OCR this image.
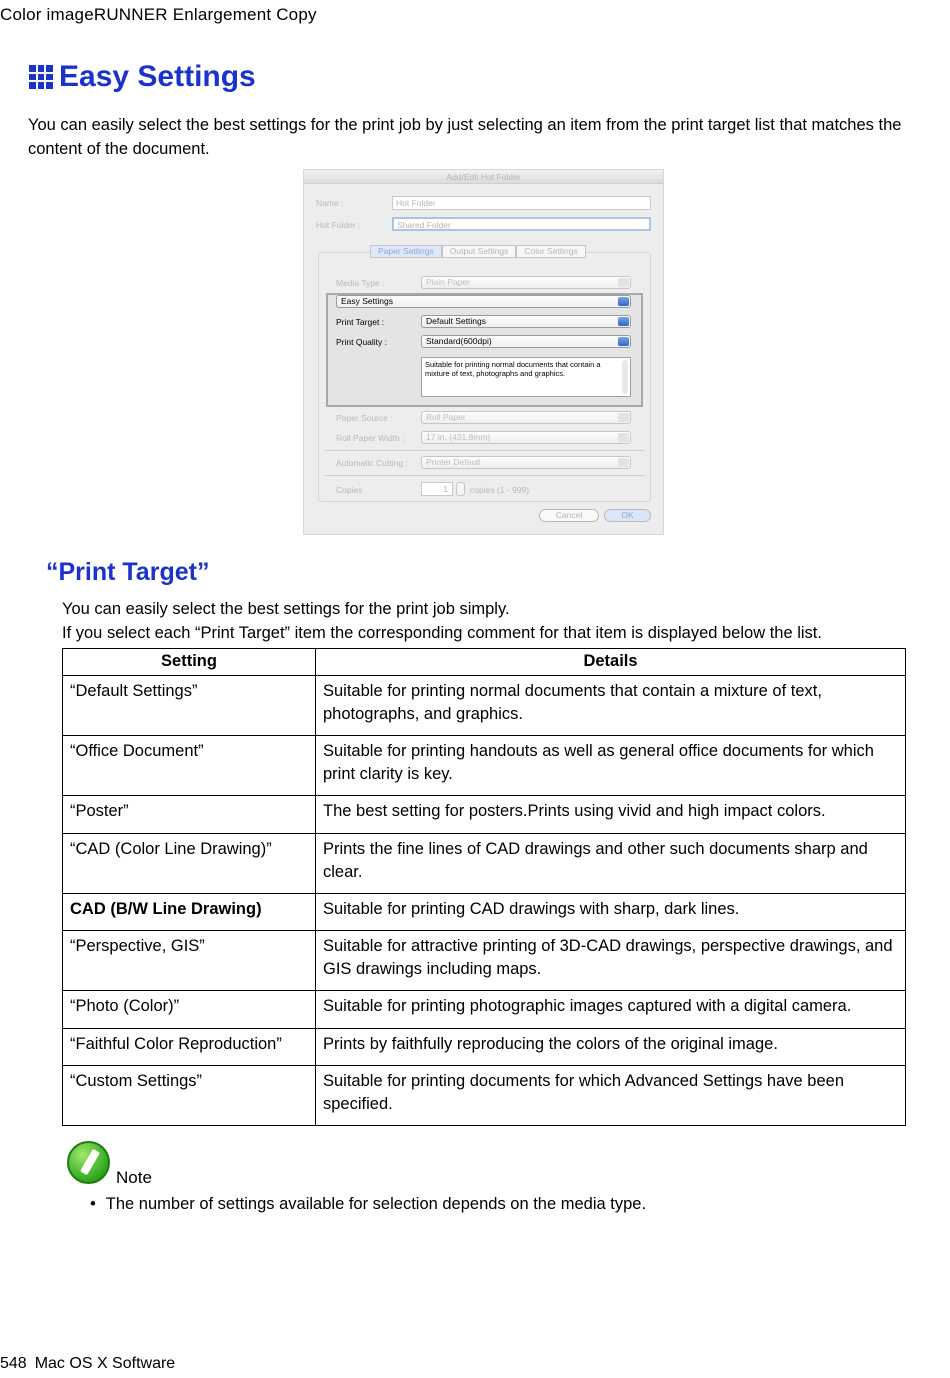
Color imageRUNNER Enlargement Copy
Easy Settings
You can easily select the best settings for the print job by just selecting an item from the print target list that matches the content of the document.
Add/Edit Hot Folder
Name :	Hot Folder
Hot Folder :	Shared Folder
Paper Settings	Output Settings	Color Settings
Media Type :	Plain Paper
Easy Settings
Print Target :	Default Settings
Print Quality :	Standard(600dpi)
Suitable for printing normal documents that contain a mixture of text, photographs and graphics.
Paper Source :	Roll Paper
Roll Paper Width :	17 in. (431.8mm)
Automatic Cutting :	Printer Default
Copies	1	copies (1 - 999)
Cancel	OK
“Print Target”
You can easily select the best settings for the print job simply.
If you select each “Print Target” item the corresponding comment for that item is displayed below the list.
Setting	Details
“Default Settings”	Suitable for printing normal documents that contain a mixture of text, photographs, and graphics.
“Office Document”	Suitable for printing handouts as well as general office documents for which print clarity is key.
“Poster”	The best setting for posters.Prints using vivid and high impact colors.
“CAD (Color Line Drawing)”	Prints the fine lines of CAD drawings and other such documents sharp and clear.
CAD (B/W Line Drawing)	Suitable for printing CAD drawings with sharp, dark lines.
“Perspective, GIS”	Suitable for attractive printing of 3D-CAD drawings, perspective drawings, and GIS drawings including maps.
“Photo (Color)”	Suitable for printing photographic images captured with a digital camera.
“Faithful Color Reproduction”	Prints by faithfully reproducing the colors of the original image.
“Custom Settings”	Suitable for printing documents for which Advanced Settings have been specified.
Note
• The number of settings available for selection depends on the media type.
548 Mac OS X Software
